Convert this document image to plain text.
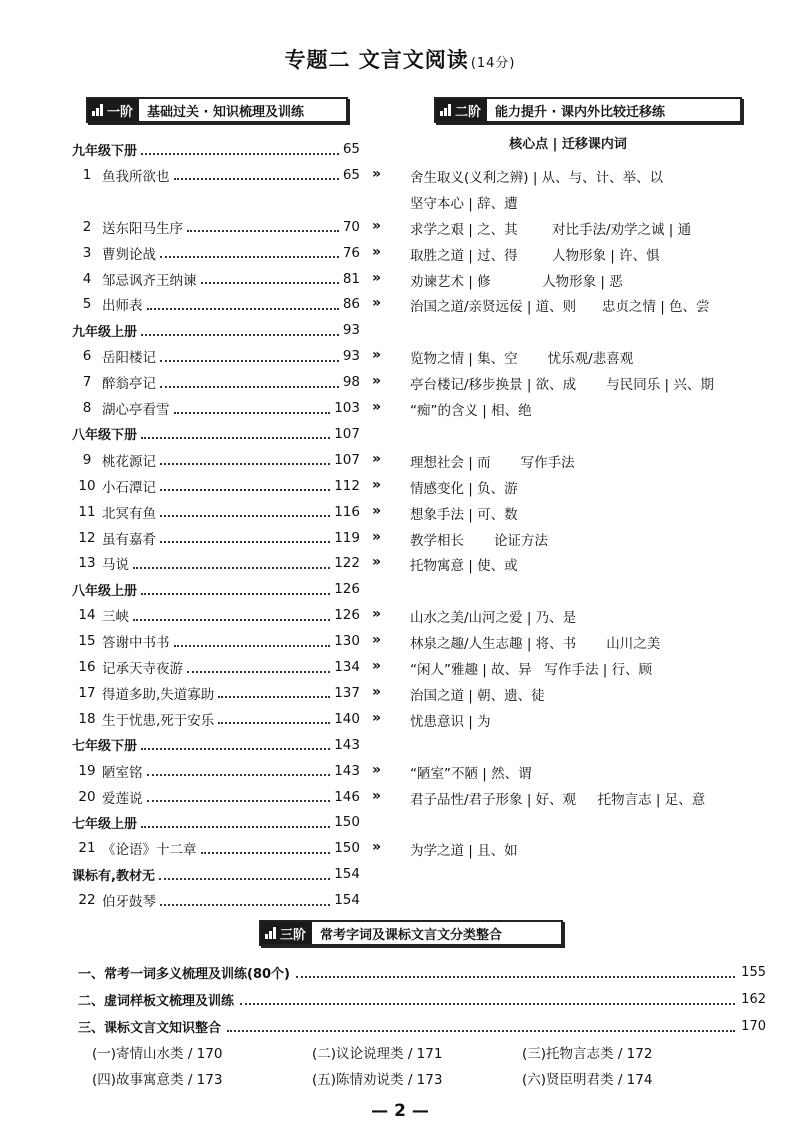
专题二 文言文阅读 (14分)
一阶 基础过关 · 知识梳理及训练	二阶 能力提升 · 课内外比较迁移练
核心点 | 迁移课内词
九年级下册	65
1 鱼我所欲也	65 » 舍生取义(义利之辨) | 从、与、计、举、以
坚守本心 | 辞、遭
2 送东阳马生序	70 » 求学之艰 | 之、其        对比手法/劝学之诚 | 通
3 曹刿论战	76 » 取胜之道 | 过、得        人物形象 | 许、惧
4 邹忌讽齐王纳谏	81 » 劝谏艺术 | 修            人物形象 | 恶
5 出师表	86 » 治国之道/亲贤远佞 | 道、则      忠贞之情 | 色、尝
九年级上册	93
6 岳阳楼记	93 » 览物之情 | 集、空       忧乐观/悲喜观
7 醉翁亭记	98 » 亭台楼记/移步换景 | 欲、成       与民同乐 | 兴、期
8 湖心亭看雪	103 » “痴”的含义 | 相、绝
八年级下册	107
9 桃花源记	107 » 理想社会 | 而       写作手法
10 小石潭记	112 » 情感变化 | 负、游
11 北冥有鱼	116 » 想象手法 | 可、数
12 虽有嘉肴	119 » 教学相长       论证方法
13 马说	122 » 托物寓意 | 使、或
八年级上册	126
14 三峡	126 » 山水之美/山河之爱 | 乃、是
15 答谢中书书	130 » 林泉之趣/人生志趣 | 将、书       山川之美
16 记承天寺夜游	134 » “闲人”雅趣 | 故、异   写作手法 | 行、顾
17 得道多助,失道寡助	137 » 治国之道 | 朝、遗、徒
18 生于忧患,死于安乐	140 » 忧患意识 | 为
七年级下册	143
19 陋室铭	143 » “陋室”不陋 | 然、谓
20 爱莲说	146 » 君子品性/君子形象 | 好、观     托物言志 | 足、意
七年级上册	150
21 《论语》十二章	150 » 为学之道 | 且、如
课标有,教材无	154
22 伯牙鼓琴	154
三阶 常考字词及课标文言文分类整合
一、常考一词多义梳理及训练(80个)	155
二、虚词样板文梳理及训练	162
三、课标文言文知识整合	170
(一)寄情山水类 / 170	(二)议论说理类 / 171	(三)托物言志类 / 172
(四)故事寓意类 / 173	(五)陈情劝说类 / 173	(六)贤臣明君类 / 174
— 2 —
